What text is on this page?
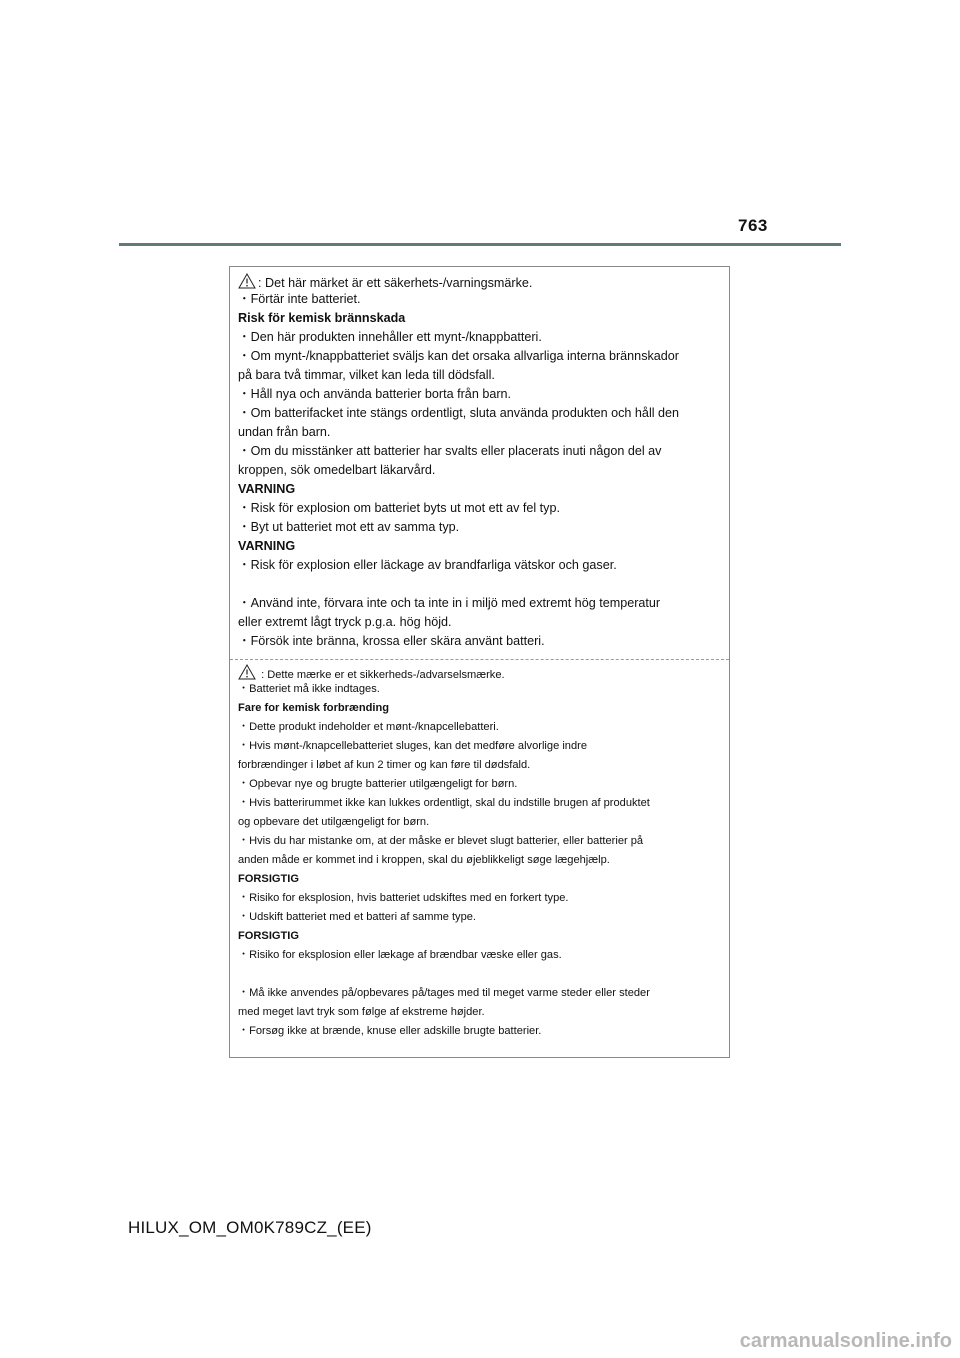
763
: Det här märket är ett säkerhets-/varningsmärke.
・Förtär inte batteriet.
Risk för kemisk brännskada
・Den här produkten innehåller ett mynt-/knappbatteri.
・Om mynt-/knappbatteriet sväljs kan det orsaka allvarliga interna brännskador
på bara två timmar, vilket kan leda till dödsfall.
・Håll nya och använda batterier borta från barn.
・Om batterifacket inte stängs ordentligt, sluta använda produkten och håll den
undan från barn.
・Om du misstänker att batterier har svalts eller placerats inuti någon del av
kroppen, sök omedelbart läkarvård.
VARNING
・Risk för explosion om batteriet byts ut mot ett av fel typ.
・Byt ut batteriet mot ett av samma typ.
VARNING
・Risk för explosion eller läckage av brandfarliga vätskor och gaser.
・Använd inte, förvara inte och ta inte in i miljö med extremt hög temperatur
eller extremt lågt tryck p.g.a. hög höjd.
・Försök inte bränna, krossa eller skära använt batteri.
: Dette mærke er et sikkerheds-/advarselsmærke.
・Batteriet må ikke indtages.
Fare for kemisk forbrænding
・Dette produkt indeholder et mønt-/knapcellebatteri.
・Hvis mønt-/knapcellebatteriet sluges, kan det medføre alvorlige indre
forbrændinger i løbet af kun 2 timer og kan føre til dødsfald.
・Opbevar nye og brugte batterier utilgængeligt for børn.
・Hvis batterirummet ikke kan lukkes ordentligt, skal du indstille brugen af produktet
og opbevare det utilgængeligt for børn.
・Hvis du har mistanke om, at der måske er blevet slugt batterier, eller batterier på
anden måde er kommet ind i kroppen, skal du øjeblikkeligt søge lægehjælp.
FORSIGTIG
・Risiko for eksplosion, hvis batteriet udskiftes med en forkert type.
・Udskift batteriet med et batteri af samme type.
FORSIGTIG
・Risiko for eksplosion eller lækage af brændbar væske eller gas.
・Må ikke anvendes på/opbevares på/tages med til meget varme steder eller steder
med meget lavt tryk som følge af ekstreme højder.
・Forsøg ikke at brænde, knuse eller adskille brugte batterier.
HILUX_OM_OM0K789CZ_(EE)
carmanualsonline.info
